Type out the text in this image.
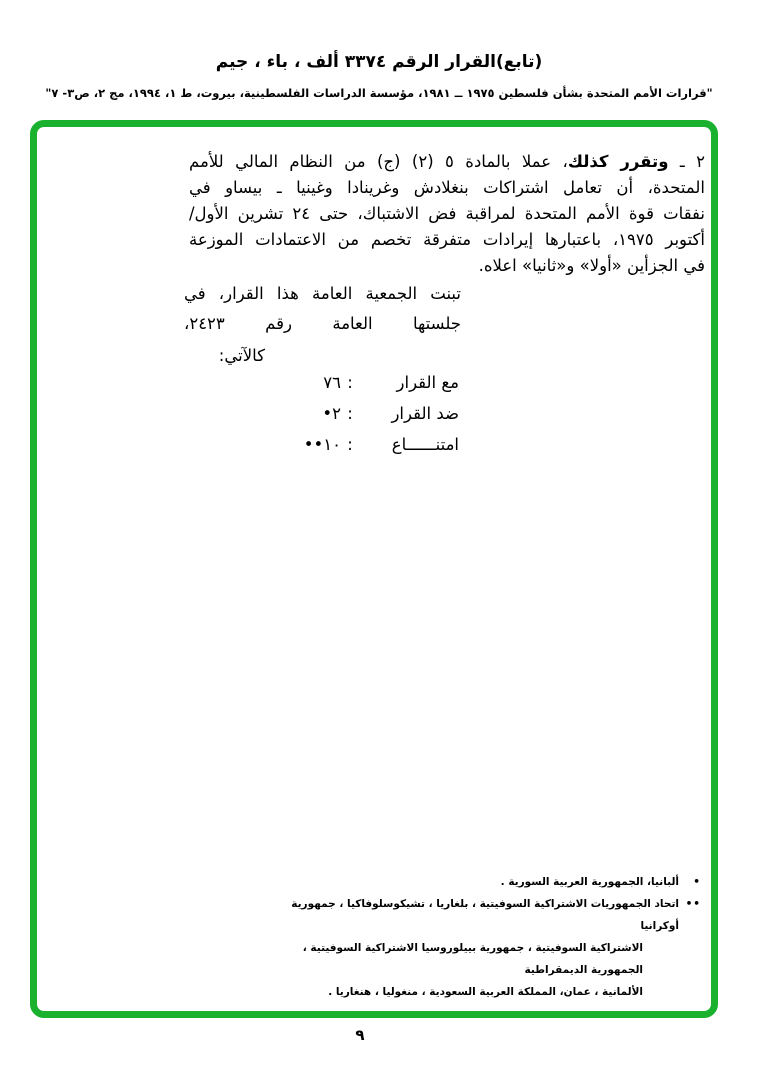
(تابع)القرار الرقم ٣٣٧٤ ألف ، باء ، جيم
"قرارات الأمم المتحدة بشأن فلسطين ١٩٧٥ ــ ١٩٨١، مؤسسة الدراسات الفلسطينية، بيروت، ط ١، ١٩٩٤، مج ٢، ص٣- ٧"
٢ ـ وتقرر كذلك، عملا بالمادة ٥ (٢) (ج) من النظام المالي للأمم
المتحدة، أن تعامل اشتراكات بنغلادش وغرينادا وغينيا ـ بيساو في
نفقات قوة الأمم المتحدة لمراقبة فض الاشتباك، حتى ٢٤ تشرين الأول/
أكتوبر ١٩٧٥، باعتبارها إيرادات متفرقة تخصم من الاعتمادات الموزعة
في الجزأين «أولا» و«ثانيا» اعلاه.
تبنت الجمعية العامة هذا القرار، في
جلستها العامة رقم ٢٤٢٣،
كالآتي:
مع القرار
:
٧٦
ضد القرار
:
٢•
امتنــــــاع
:
١٠••
•
ألبانيا، الجمهورية العربية السورية .
••
اتحاد الجمهوريات الاشتراكية السوفيتية ، بلغاريا ، تشيكوسلوفاكيا ، جمهورية أوكرانيا
الاشتراكية السوفيتية ، جمهورية بييلوروسيا الاشتراكية السوفيتية ، الجمهورية الديمقراطية
الألمانية ، عمان، المملكة العربية السعودية ، منغوليا ، هنغاريا .
٩
